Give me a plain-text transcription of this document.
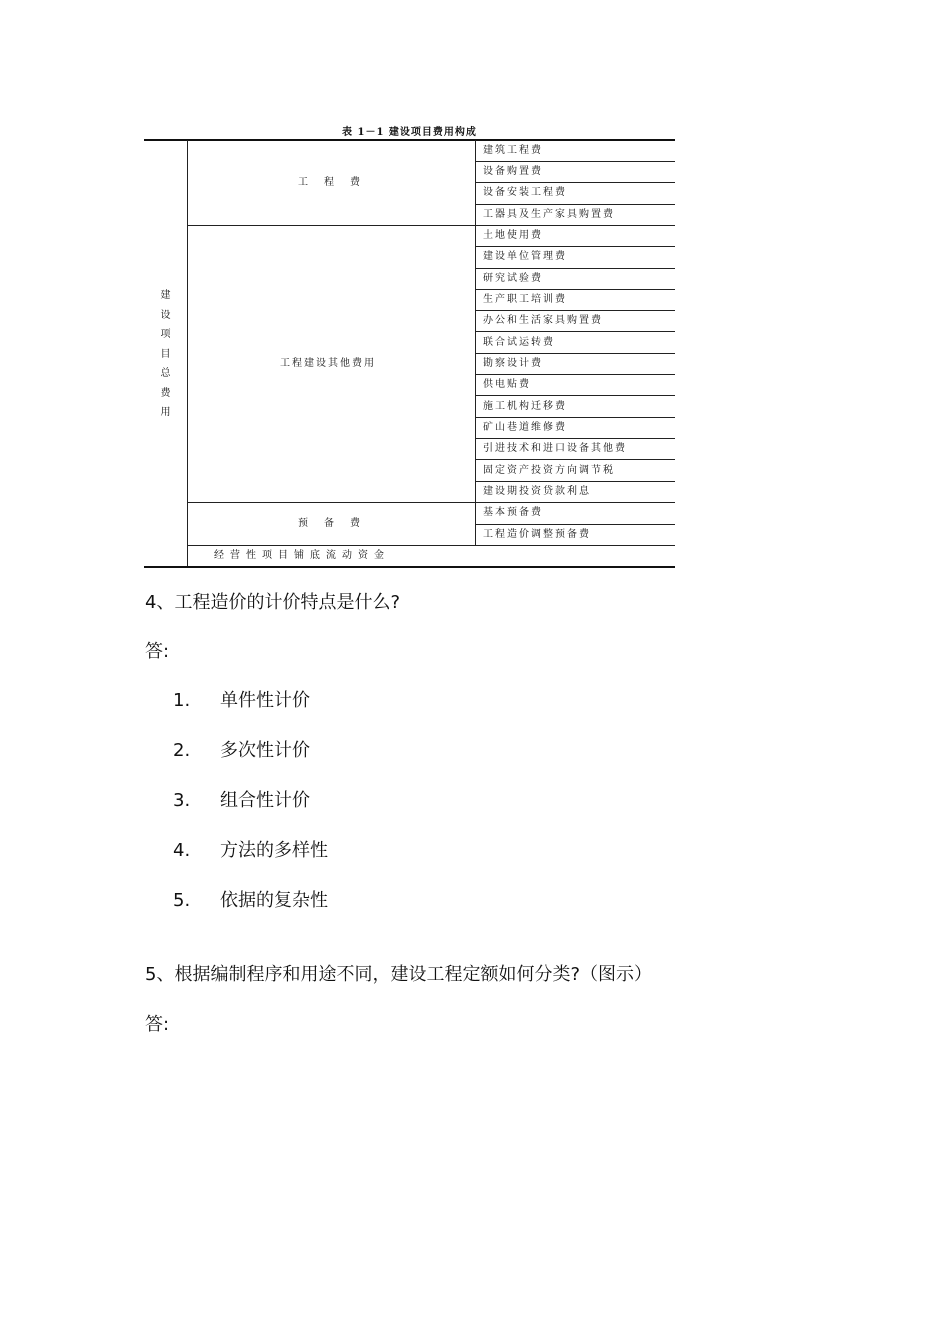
表 1－1 建设项目费用构成
建
设
项
目
总
费
用
工　程　费
工程建设其他费用
预　备　费
建筑工程费
设备购置费
设备安装工程费
工器具及生产家具购置费
土地使用费
建设单位管理费
研究试验费
生产职工培训费
办公和生活家具购置费
联合试运转费
勘察设计费
供电贴费
施工机构迁移费
矿山巷道维修费
引进技术和进口设备其他费
固定资产投资方向调节税
建设期投资贷款利息
基本预备费
工程造价调整预备费
经营性项目铺底流动资金
4、工程造价的计价特点是什么?
答:
1. 单件性计价
2. 多次性计价
3. 组合性计价
4. 方法的多样性
5. 依据的复杂性
5、根据编制程序和用途不同，建设工程定额如何分类?（图示）
答:
